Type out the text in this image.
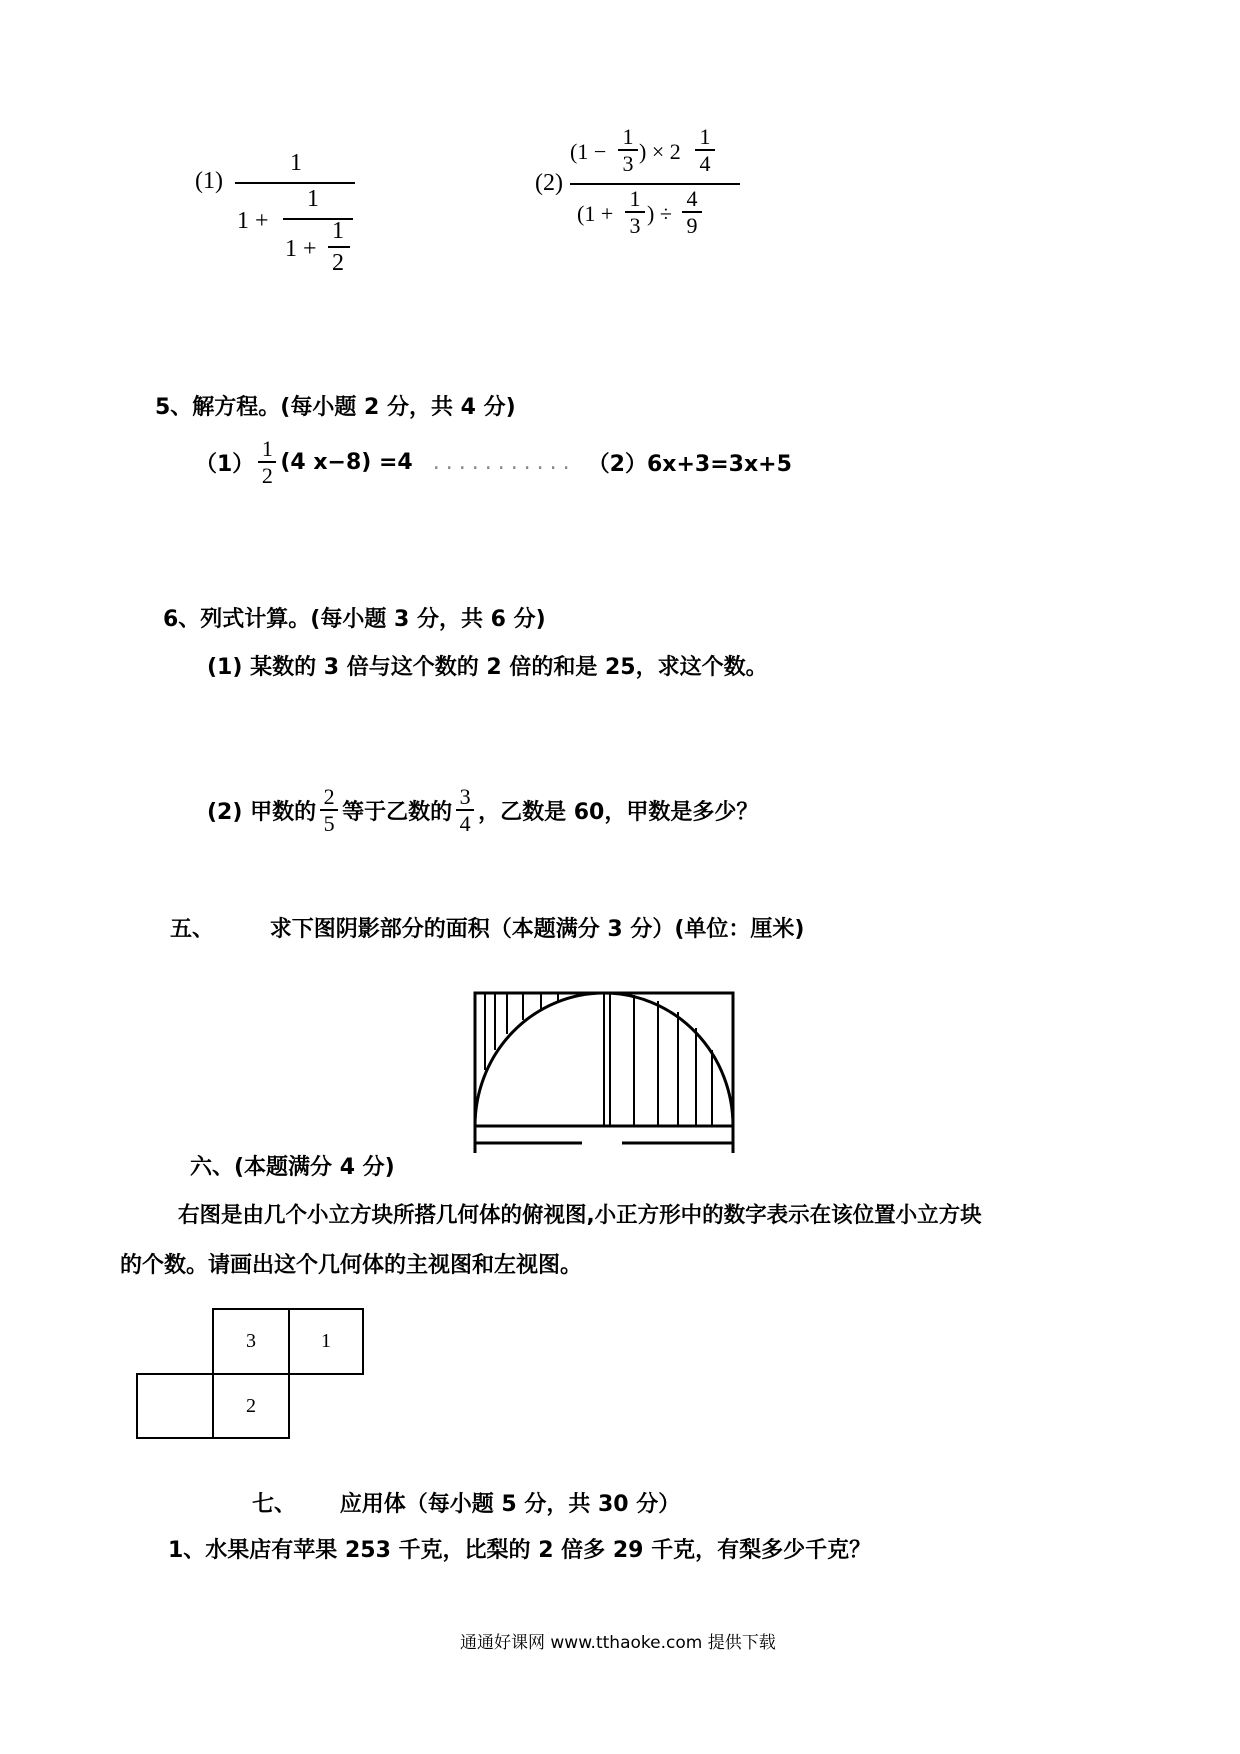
(1)
1
1 +
1
1 +
1
2
(2)
(1 −
1
3 ) × 2
1
4
(1 +
1
3 ) ÷
4
9
5、解方程。(每小题 2 分，共 4 分)
$(1) \frac{1}{2} (4$ x−8) =4 ........... （2）6x+3=3x+5
6、列式计算。(每小题 3 分，共 6 分)
(1) 某数的 3 倍与这个数的 2 倍的和是 25，求这个数。
(2) 甲数的 $\frac{2}{5}$ 等于乙数的 $\frac{3}{4}$ ，乙数是 60，甲数是多少？
五、	求下图阴影部分的面积（本题满分 3 分）(单位：厘米)
六、(本题满分 4 分)
右图是由几个小立方块所搭几何体的俯视图,小正方形中的数字表示在该位置小立方块
的个数。请画出这个几何体的主视图和左视图。
3	1
2
七、 应用体（每小题 5 分，共 30 分）
1、水果店有苹果 253 千克，比梨的 2 倍多 29 千克，有梨多少千克？
通通好课网 www.tthaoke.com 提供下载
